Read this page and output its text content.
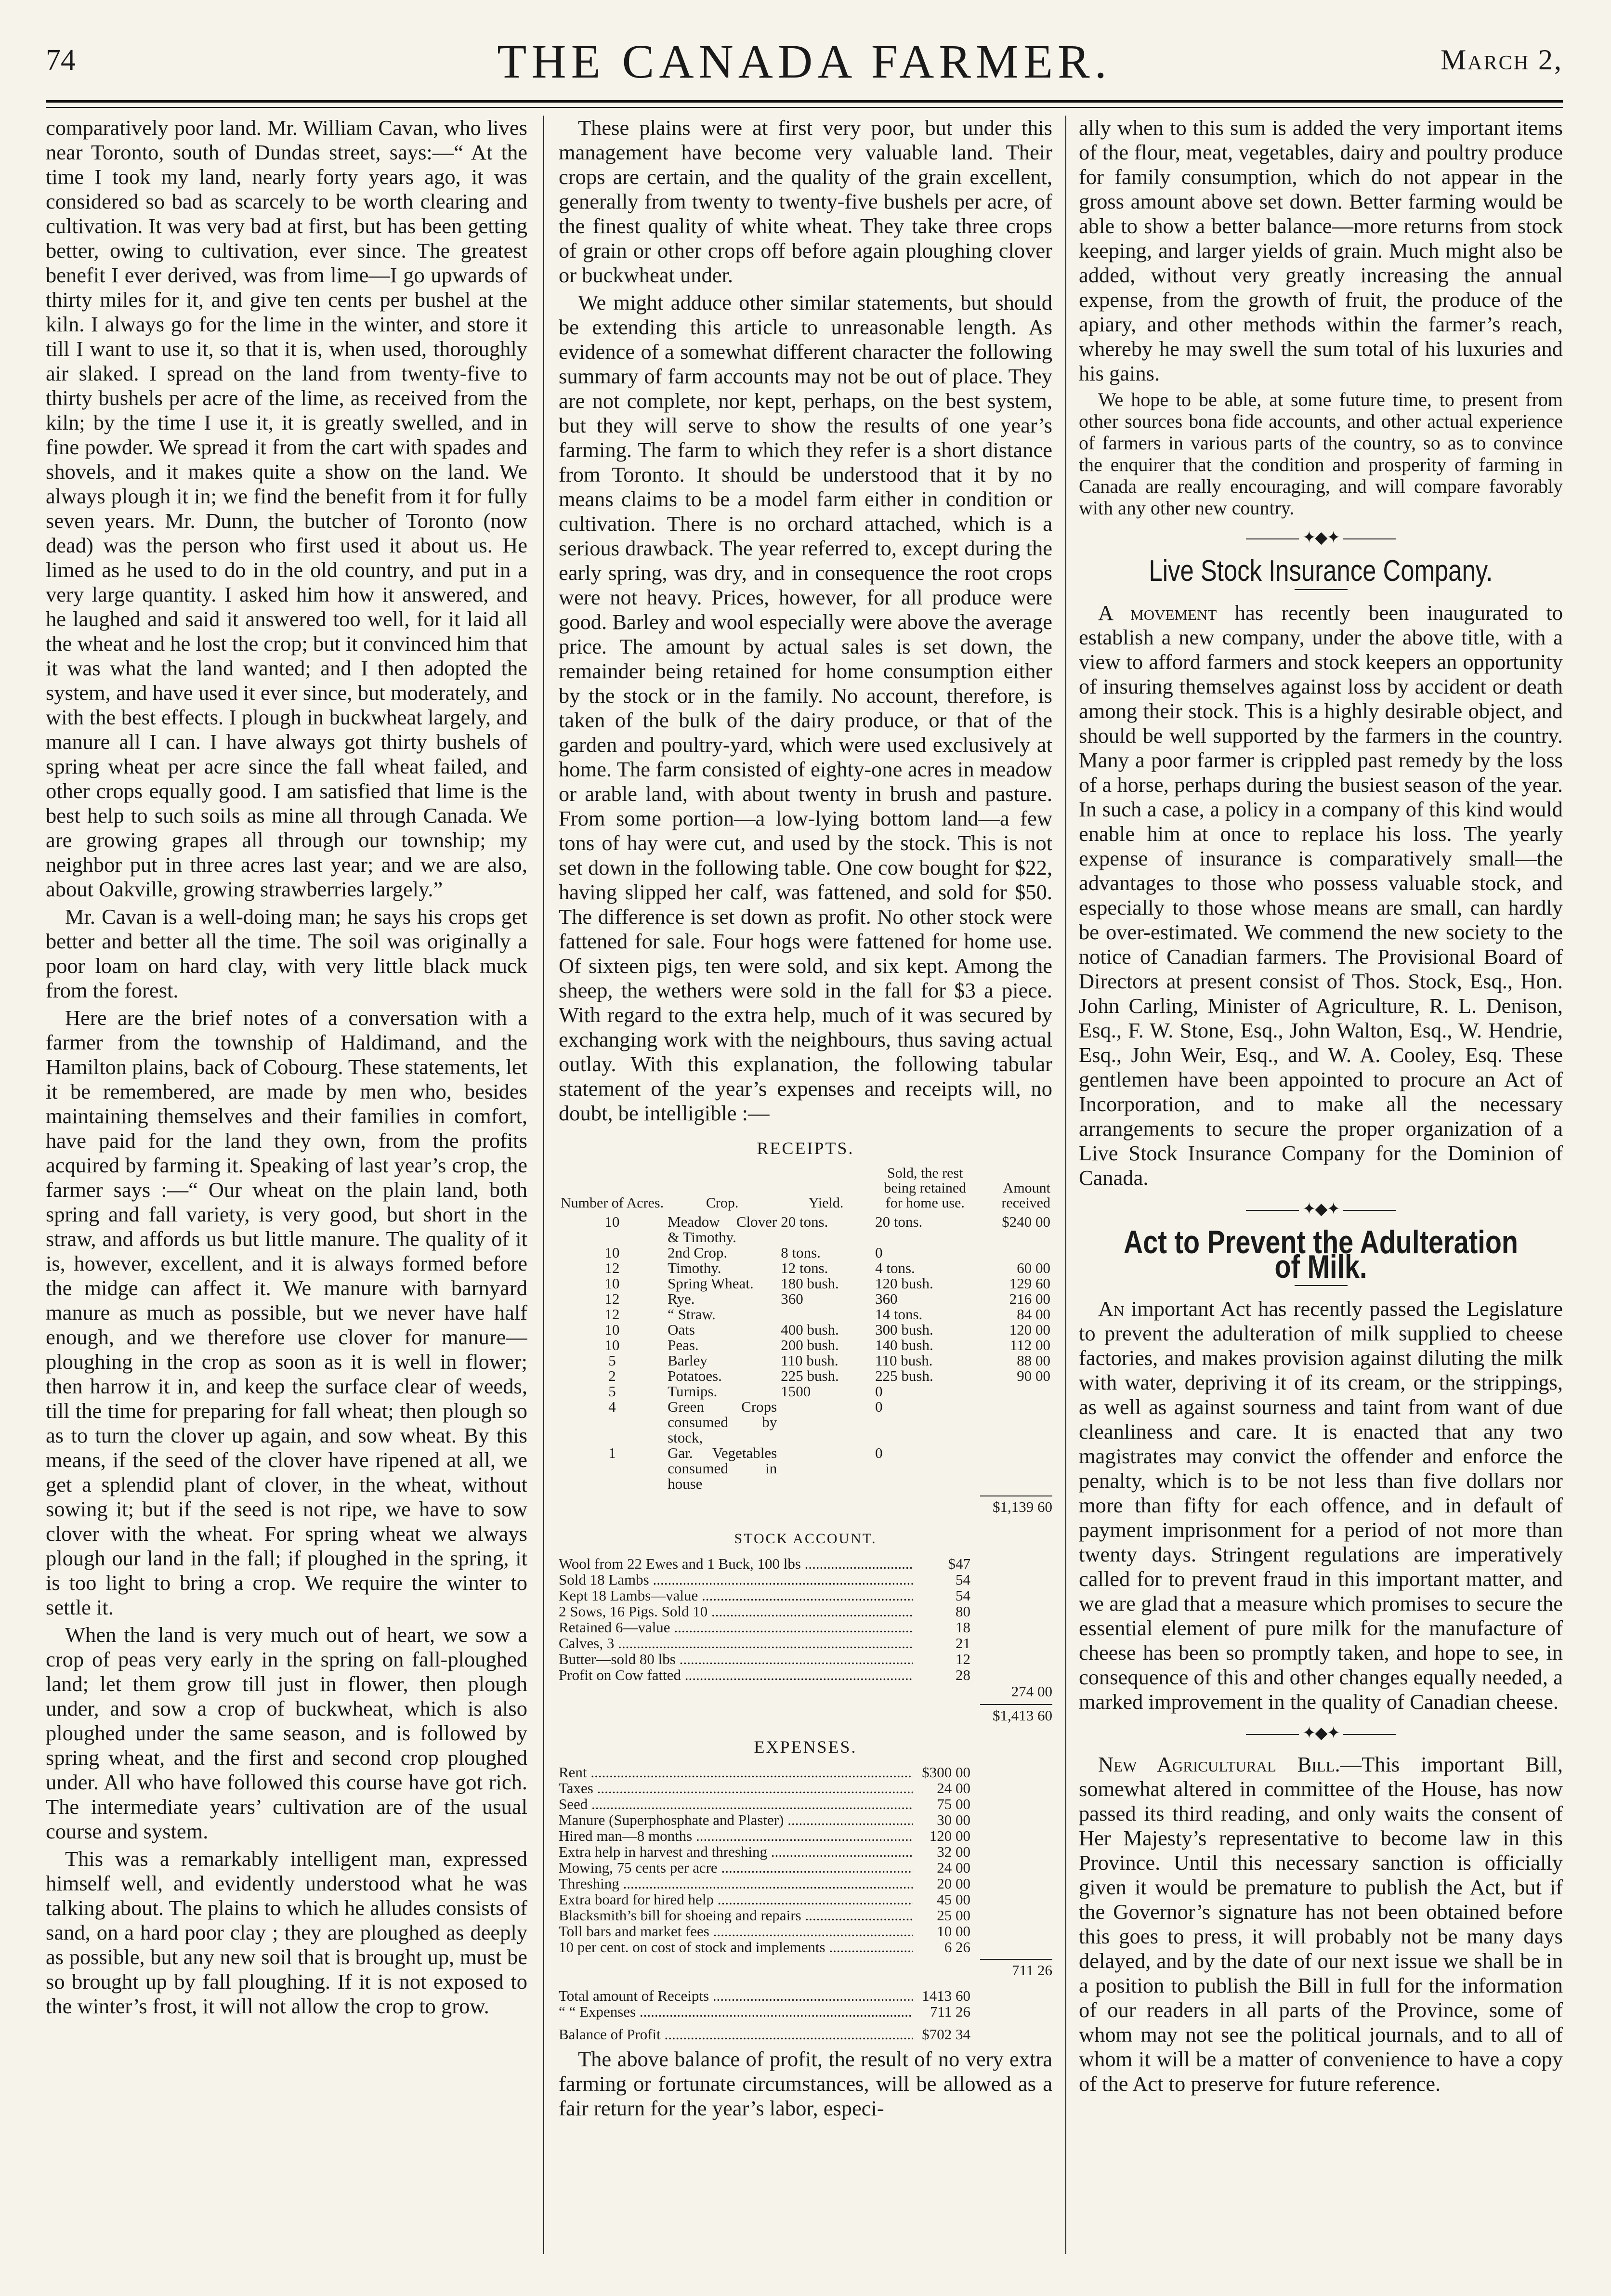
74	THE CANADA FARMER.	March 2,

comparatively poor land. Mr. William Cavan, who lives near Toronto, south of Dundas street, says:—“ At the time I took my land, nearly forty years ago, it was considered so bad as scarcely to be worth clearing and cultivation. It was very bad at first, but has been getting better, owing to cultivation, ever since. The greatest benefit I ever derived, was from lime—I go upwards of thirty miles for it, and give ten cents per bushel at the kiln. I always go for the lime in the winter, and store it till I want to use it, so that it is, when used, thoroughly air slaked. I spread on the land from twenty-five to thirty bushels per acre of the lime, as received from the kiln; by the time I use it, it is greatly swelled, and in fine powder. We spread it from the cart with spades and shovels, and it makes quite a show on the land. We always plough it in; we find the benefit from it for fully seven years. Mr. Dunn, the butcher of Toronto (now dead) was the person who first used it about us. He limed as he used to do in the old country, and put in a very large quantity. I asked him how it answered, and he laughed and said it answered too well, for it laid all the wheat and he lost the crop; but it convinced him that it was what the land wanted; and I then adopted the system, and have used it ever since, but moderately, and with the best effects. I plough in buckwheat largely, and manure all I can. I have always got thirty bushels of spring wheat per acre since the fall wheat failed, and other crops equally good. I am satisfied that lime is the best help to such soils as mine all through Canada. We are growing grapes all through our township; my neighbor put in three acres last year; and we are also, about Oakville, growing strawberries largely.”

Mr. Cavan is a well-doing man; he says his crops get better and better all the time. The soil was originally a poor loam on hard clay, with very little black muck from the forest.

Here are the brief notes of a conversation with a farmer from the township of Haldimand, and the Hamilton plains, back of Cobourg. These statements, let it be remembered, are made by men who, besides maintaining themselves and their families in comfort, have paid for the land they own, from the profits acquired by farming it. Speaking of last year’s crop, the farmer says :—“ Our wheat on the plain land, both spring and fall variety, is very good, but short in the straw, and affords us but little manure. The quality of it is, however, excellent, and it is always formed before the midge can affect it. We manure with barnyard manure as much as possible, but we never have half enough, and we therefore use clover for manure—ploughing in the crop as soon as it is well in flower; then harrow it in, and keep the surface clear of weeds, till the time for preparing for fall wheat; then plough so as to turn the clover up again, and sow wheat. By this means, if the seed of the clover have ripened at all, we get a splendid plant of clover, in the wheat, without sowing it; but if the seed is not ripe, we have to sow clover with the wheat. For spring wheat we always plough our land in the fall; if ploughed in the spring, it is too light to bring a crop. We require the winter to settle it.

When the land is very much out of heart, we sow a crop of peas very early in the spring on fall-ploughed land; let them grow till just in flower, then plough under, and sow a crop of buckwheat, which is also ploughed under the same season, and is followed by spring wheat, and the first and second crop ploughed under. All who have followed this course have got rich. The intermediate years’ cultivation are of the usual course and system.

This was a remarkably intelligent man, expressed himself well, and evidently understood what he was talking about. The plains to which he alludes consists of sand, on a hard poor clay ; they are ploughed as deeply as possible, but any new soil that is brought up, must be so brought up by fall ploughing. If it is not exposed to the winter’s frost, it will not allow the crop to grow.

These plains were at first very poor, but under this management have become very valuable land. Their crops are certain, and the quality of the grain excellent, generally from twenty to twenty-five bushels per acre, of the finest quality of white wheat. They take three crops of grain or other crops off before again ploughing clover or buckwheat under.

We might adduce other similar statements, but should be extending this article to unreasonable length. As evidence of a somewhat different character the following summary of farm accounts may not be out of place. They are not complete, nor kept, perhaps, on the best system, but they will serve to show the results of one year’s farming. The farm to which they refer is a short distance from Toronto. It should be understood that it by no means claims to be a model farm either in condition or cultivation. There is no orchard attached, which is a serious drawback. The year referred to, except during the early spring, was dry, and in consequence the root crops were not heavy. Prices, however, for all produce were good. Barley and wool especially were above the average price. The amount by actual sales is set down, the remainder being retained for home consumption either by the stock or in the family. No account, therefore, is taken of the bulk of the dairy produce, or that of the garden and poultry-yard, which were used exclusively at home. The farm consisted of eighty-one acres in meadow or arable land, with about twenty in brush and pasture. From some portion—a low-lying bottom land—a few tons of hay were cut, and used by the stock. This is not set down in the following table. One cow bought for $22, having slipped her calf, was fattened, and sold for $50. The difference is set down as profit. No other stock were fattened for sale. Four hogs were fattened for home use. Of sixteen pigs, ten were sold, and six kept. Among the sheep, the wethers were sold in the fall for $3 a piece. With regard to the extra help, much of it was secured by exchanging work with the neighbours, thus saving actual outlay. With this explanation, the following tabular statement of the year’s expenses and receipts will, no doubt, be intelligible :—

RECEIPTS.
Number of Acres.	Crop.	Yield.	Sold, the rest being retained for home use.	Amount received
10	Meadow Clover & Timothy.	20 tons.	20 tons.	$240 00
10	2nd Crop.	8 tons.	0	
12	Timothy.	12 tons.	4 tons.	60 00
10	Spring Wheat.	180 bush.	120 bush.	129 60
12	Rye.	360	360	216 00
12	“ Straw.		14 tons.	84 00
10	Oats	400 bush.	300 bush.	120 00
10	Peas.	200 bush.	140 bush.	112 00
5	Barley	110 bush.	110 bush.	88 00
2	Potatoes.	225 bush.	225 bush.	90 00
5	Turnips.	1500	0	
4	Green Crops consumed by stock,		0	
1	Gar. Vegetables consumed in house		0	
$1,139 60
STOCK ACCOUNT.
Wool from 22 Ewes and 1 Buck, 100 lbs .....	$47
Sold 18 Lambs .....	54
Kept 18 Lambs—value .....	54
2 Sows, 16 Pigs. Sold 10 .....	80
Retained 6—value .....	18
Calves, 3 .....	21
Butter—sold 80 lbs .....	12
Profit on Cow fatted .....	28
274 00
$1,413 60
EXPENSES.
Rent .....	$300 00
Taxes .....	24 00
Seed .....	75 00
Manure (Superphosphate and Plaster) .....	30 00
Hired man—8 months .....	120 00
Extra help in harvest and threshing .....	32 00
Mowing, 75 cents per acre .....	24 00
Threshing .....	20 00
Extra board for hired help .....	45 00
Blacksmith’s bill for shoeing and repairs .....	25 00
Toll bars and market fees .....	10 00
10 per cent. on cost of stock and implements .....	6 26
711 26
Total amount of Receipts .....	1413 60
“ “ Expenses .....	711 26
Balance of Profit .....	$702 34

The above balance of profit, the result of no very extra farming or fortunate circumstances, will be allowed as a fair return for the year’s labor, especi-

ally when to this sum is added the very important items of the flour, meat, vegetables, dairy and poultry produce for family consumption, which do not appear in the gross amount above set down. Better farming would be able to show a better balance—more returns from stock keeping, and larger yields of grain. Much might also be added, without very greatly increasing the annual expense, from the growth of fruit, the produce of the apiary, and other methods within the farmer’s reach, whereby he may swell the sum total of his luxuries and his gains.

We hope to be able, at some future time, to present from other sources bona fide accounts, and other actual experience of farmers in various parts of the country, so as to convince the enquirer that the condition and prosperity of farming in Canada are really encouraging, and will compare favorably with any other new country.

✦◆✦
Live Stock Insurance Company.

A movement has recently been inaugurated to establish a new company, under the above title, with a view to afford farmers and stock keepers an opportunity of insuring themselves against loss by accident or death among their stock. This is a highly desirable object, and should be well supported by the farmers in the country. Many a poor farmer is crippled past remedy by the loss of a horse, perhaps during the busiest season of the year. In such a case, a policy in a company of this kind would enable him at once to replace his loss. The yearly expense of insurance is comparatively small—the advantages to those who possess valuable stock, and especially to those whose means are small, can hardly be over-estimated. We commend the new society to the notice of Canadian farmers. The Provisional Board of Directors at present consist of Thos. Stock, Esq., Hon. John Carling, Minister of Agriculture, R. L. Denison, Esq., F. W. Stone, Esq., John Walton, Esq., W. Hendrie, Esq., John Weir, Esq., and W. A. Cooley, Esq. These gentlemen have been appointed to procure an Act of Incorporation, and to make all the necessary arrangements to secure the proper organization of a Live Stock Insurance Company for the Dominion of Canada.

✦◆✦
Act to Prevent the Adulteration of Milk.

An important Act has recently passed the Legislature to prevent the adulteration of milk supplied to cheese factories, and makes provision against diluting the milk with water, depriving it of its cream, or the strippings, as well as against sourness and taint from want of due cleanliness and care. It is enacted that any two magistrates may convict the offender and enforce the penalty, which is to be not less than five dollars nor more than fifty for each offence, and in default of payment imprisonment for a period of not more than twenty days. Stringent regulations are imperatively called for to prevent fraud in this important matter, and we are glad that a measure which promises to secure the essential element of pure milk for the manufacture of cheese has been so promptly taken, and hope to see, in consequence of this and other changes equally needed, a marked improvement in the quality of Canadian cheese.

✦◆✦

New Agricultural Bill.—This important Bill, somewhat altered in committee of the House, has now passed its third reading, and only waits the consent of Her Majesty’s representative to become law in this Province. Until this necessary sanction is officially given it would be premature to publish the Act, but if the Governor’s signature has not been obtained before this goes to press, it will probably not be many days delayed, and by the date of our next issue we shall be in a position to publish the Bill in full for the information of our readers in all parts of the Province, some of whom may not see the political journals, and to all of whom it will be a matter of convenience to have a copy of the Act to preserve for future reference.
